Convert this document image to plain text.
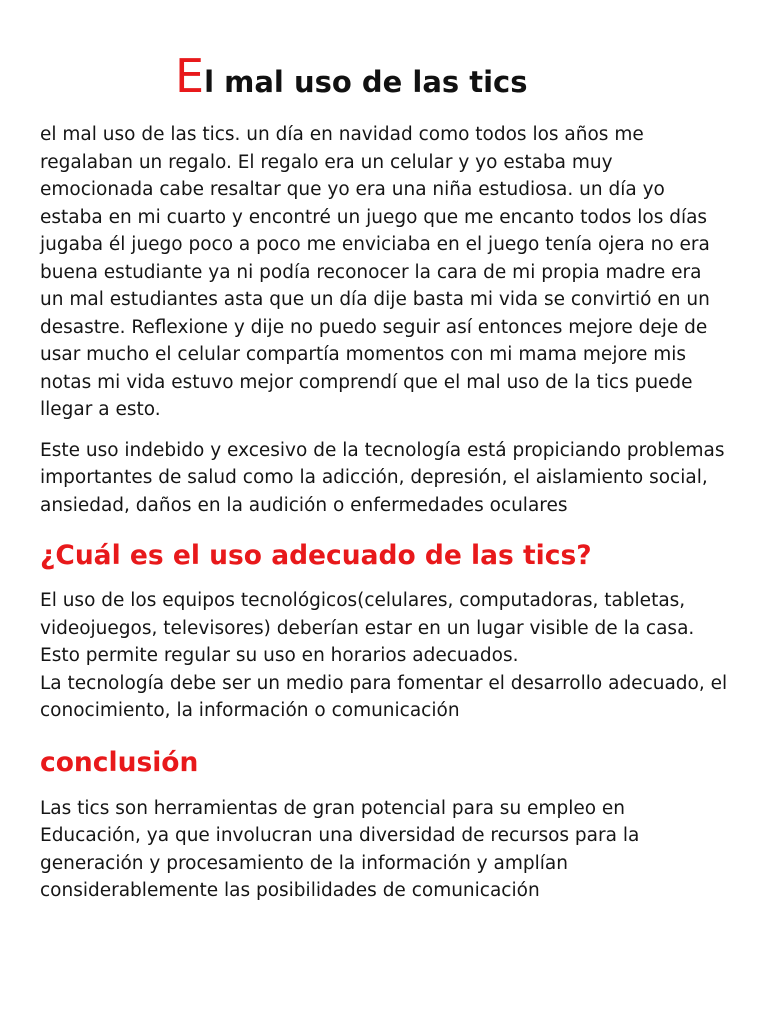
El mal uso de las tics

el mal uso de las tics. un día en navidad como todos los años me regalaban un regalo. El regalo era un celular y yo estaba muy emocionada cabe resaltar que yo era una niña estudiosa. un día yo estaba en mi cuarto y encontré un juego que me encanto todos los días jugaba él juego poco a poco me enviciaba en el juego tenía ojera no era buena estudiante ya ni podía reconocer la cara de mi propia madre era un mal estudiantes asta que un día dije basta mi vida se convirtió en un desastre. Reflexione y dije no puedo seguir así entonces mejore deje de usar mucho el celular compartía momentos con mi mama mejore mis notas mi vida estuvo mejor comprendí que el mal uso de la tics puede llegar a esto.

Este uso indebido y excesivo de la tecnología está propiciando problemas importantes de salud como la adicción, depresión, el aislamiento social, ansiedad, daños en la audición o enfermedades oculares

¿Cuál es el uso adecuado de las tics?

El uso de los equipos tecnológicos(celulares, computadoras, tabletas, videojuegos, televisores) deberían estar en un lugar visible de la casa. Esto permite regular su uso en horarios adecuados.
La tecnología debe ser un medio para fomentar el desarrollo adecuado, el conocimiento, la información o comunicación

conclusión

Las tics son herramientas de gran potencial para su empleo en Educación, ya que involucran una diversidad de recursos para la generación y procesamiento de la información y amplían considerablemente las posibilidades de comunicación
